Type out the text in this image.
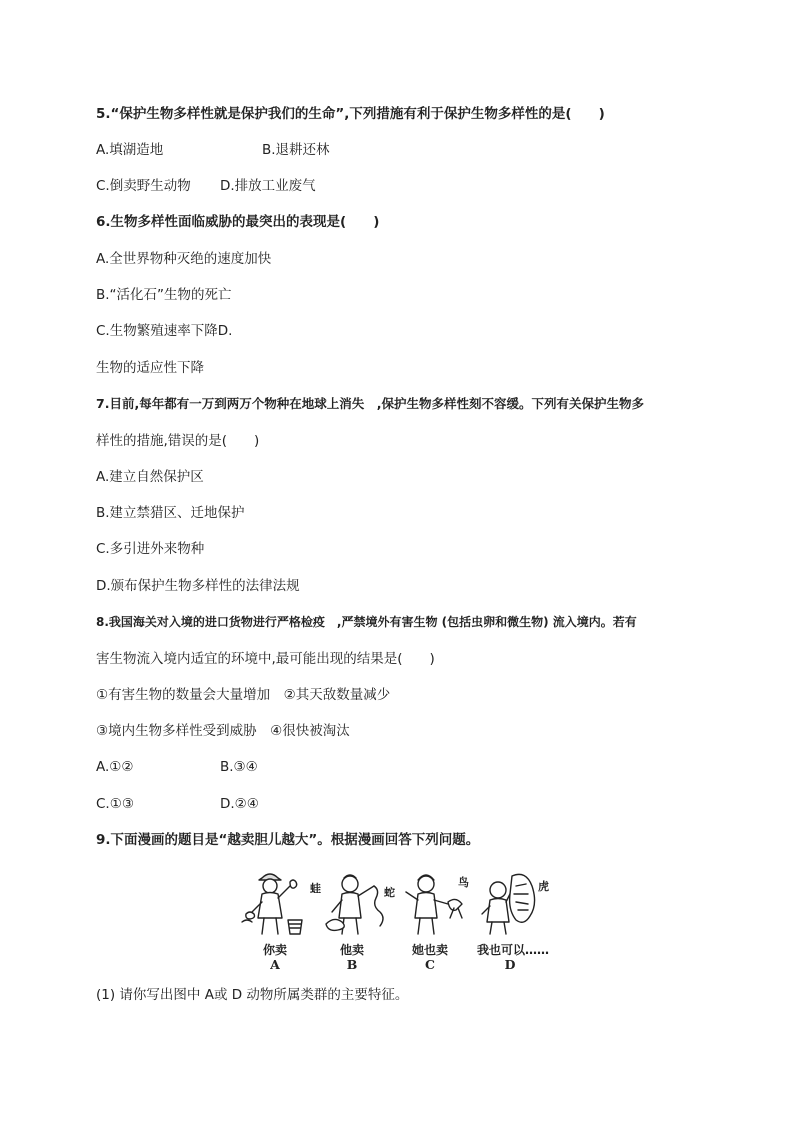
5.“保护生物多样性就是保护我们的生命”,下列措施有利于保护生物多样性的是(　　)
A.填湖造地	B.退耕还林
C.倒卖野生动物 D.排放工业废气
6.生物多样性面临威胁的最突出的表现是(　　)
A.全世界物种灭绝的速度加快
B.“活化石”生物的死亡
C.生物繁殖速率下降D.
生物的适应性下降
7.目前,每年都有一万到两万个物种在地球上消失　,保护生物多样性刻不容缓。下列有关保护生物多
样性的措施,错误的是(　　)
A.建立自然保护区
B.建立禁猎区、迁地保护
C.多引进外来物种
D.颁布保护生物多样性的法律法规
8.我国海关对入境的进口货物进行严格检疫　,严禁境外有害生物 (包括虫卵和微生物) 流入境内。若有
害生物流入境内适宜的环境中,最可能出现的结果是(　　)
①有害生物的数量会大量增加　②其天敌数量减少
③境内生物多样性受到威胁　④很快被淘汰
A.①②	B.③④
C.①③	D.②④
9.下面漫画的题目是“越卖胆儿越大”。根据漫画回答下列问题。
蛙	蛇
鸟	虎
你卖	他卖	她也卖	我也可以……
A	B	C	D
(1) 请你写出图中 A或 D 动物所属类群的主要特征。
